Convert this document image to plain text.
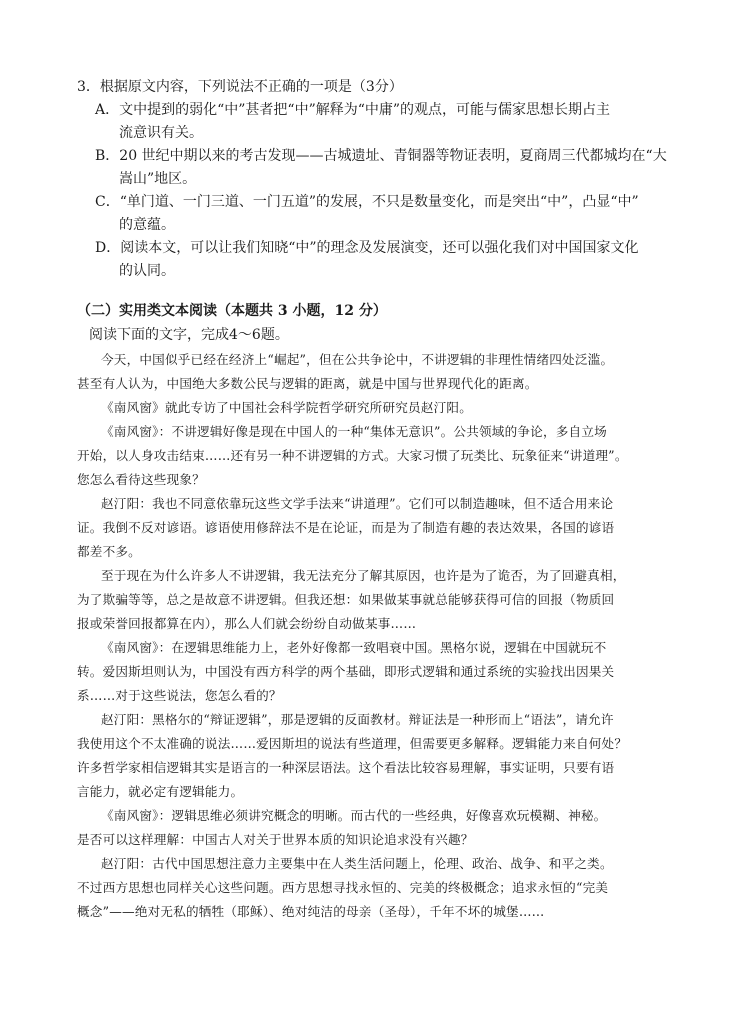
3．根据原文内容，下列说法不正确的一项是（3分）

A．文中提到的弱化“中”甚者把“中”解释为“中庸”的观点，可能与儒家思想长期占主

流意识有关。

B．20 世纪中期以来的考古发现——古城遗址、青铜器等物证表明，夏商周三代都城均在“大

嵩山”地区。

C．“单门道、一门三道、一门五道”的发展，不只是数量变化，而是突出“中”，凸显“中”

的意蕴。

D．阅读本文，可以让我们知晓“中”的理念及发展演变，还可以强化我们对中国国家文化

的认同。

（二）实用类文本阅读（本题共 3 小题，12 分）

阅读下面的文字，完成4～6题。

今天，中国似乎已经在经济上“崛起”，但在公共争论中，不讲逻辑的非理性情绪四处泛滥。

甚至有人认为，中国绝大多数公民与逻辑的距离，就是中国与世界现代化的距离。

《南风窗》就此专访了中国社会科学院哲学研究所研究员赵汀阳。

《南风窗》：不讲逻辑好像是现在中国人的一种“集体无意识”。公共领域的争论，多自立场

开始，以人身攻击结束……还有另一种不讲逻辑的方式。大家习惯了玩类比、玩象征来“讲道理”。

您怎么看待这些现象？

赵汀阳：我也不同意依靠玩这些文学手法来“讲道理”。它们可以制造趣味，但不适合用来论

证。我倒不反对谚语。谚语使用修辞法不是在论证，而是为了制造有趣的表达效果，各国的谚语

都差不多。

至于现在为什么许多人不讲逻辑，我无法充分了解其原因，也许是为了诡否，为了回避真相，

为了欺骗等等，总之是故意不讲逻辑。但我还想：如果做某事就总能够获得可信的回报（物质回

报或荣誉回报都算在内），那么人们就会纷纷自动做某事……

《南风窗》：在逻辑思维能力上，老外好像都一致唱衰中国。黑格尔说，逻辑在中国就玩不

转。爱因斯坦则认为，中国没有西方科学的两个基础，即形式逻辑和通过系统的实验找出因果关

系……对于这些说法，您怎么看的？

赵汀阳：黑格尔的“辩证逻辑”，那是逻辑的反面教材。辩证法是一种形而上“语法”，请允许

我使用这个不太准确的说法……爱因斯坦的说法有些道理，但需要更多解释。逻辑能力来自何处？

许多哲学家相信逻辑其实是语言的一种深层语法。这个看法比较容易理解，事实证明，只要有语

言能力，就必定有逻辑能力。

《南风窗》：逻辑思维必须讲究概念的明晰。而古代的一些经典，好像喜欢玩模糊、神秘。

是否可以这样理解：中国古人对关于世界本质的知识论追求没有兴趣？

赵汀阳：古代中国思想注意力主要集中在人类生活问题上，伦理、政治、战争、和平之类。

不过西方思想也同样关心这些问题。西方思想寻找永恒的、完美的终极概念；追求永恒的“完美

概念”——绝对无私的牺牲（耶稣）、绝对纯洁的母亲（圣母），千年不坏的城堡……
